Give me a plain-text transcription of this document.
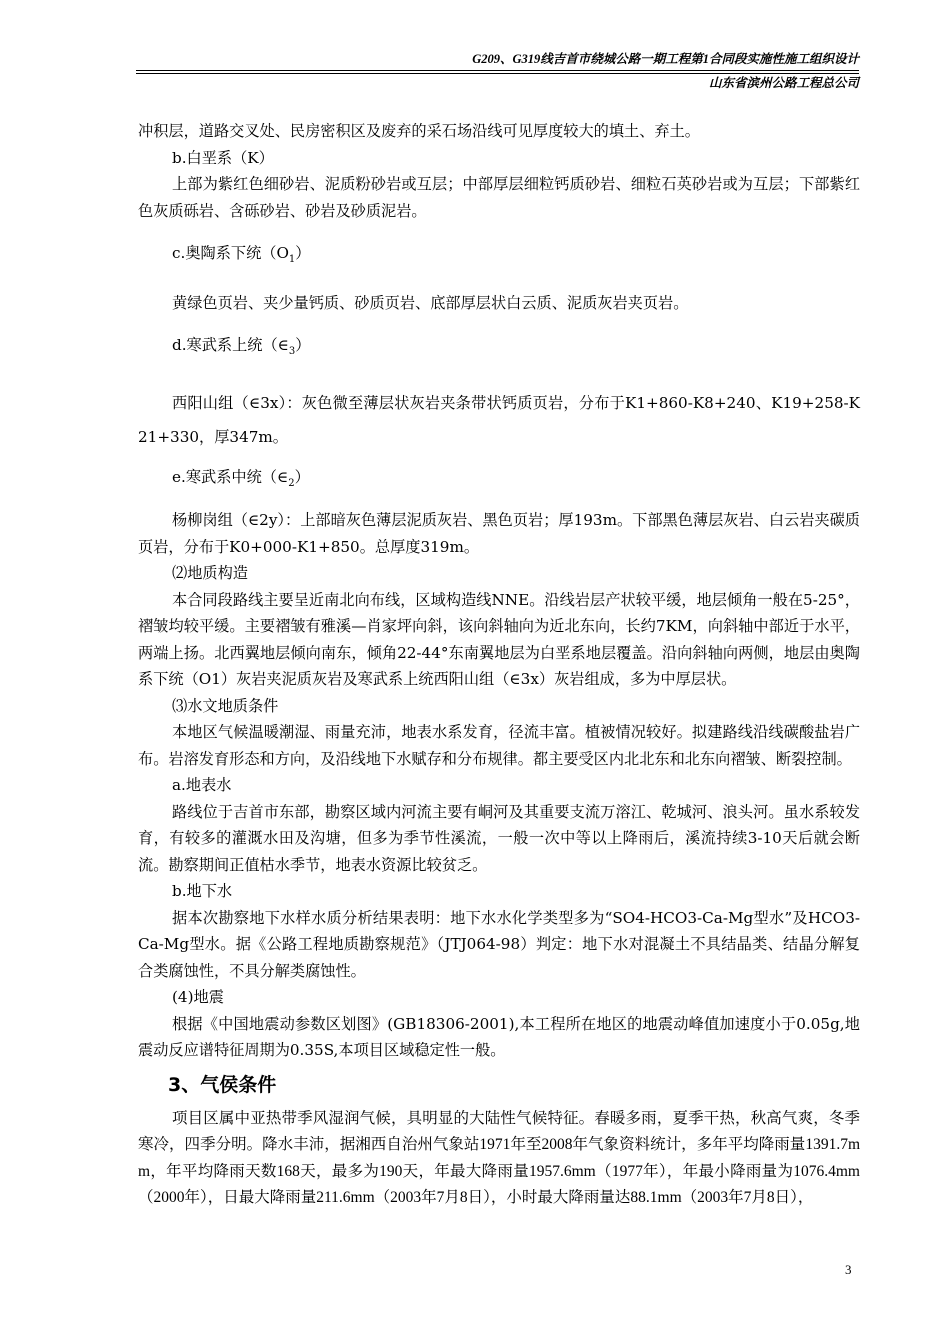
G209、G319线吉首市绕城公路一期工程第1合同段实施性施工组织设计
山东省滨州公路工程总公司

冲积层，道路交叉处、民房密积区及废弃的采石场沿线可见厚度较大的填土、弃土。

b.白垩系（K）

上部为紫红色细砂岩、泥质粉砂岩或互层；中部厚层细粒钙质砂岩、细粒石英砂岩或为互层；下部紫红色灰质砾岩、含砾砂岩、砂岩及砂质泥岩。

c.奥陶系下统$(O_1)$

黄绿色页岩、夹少量钙质、砂质页岩、底部厚层状白云质、泥质灰岩夹页岩。

d.寒武系上统$(\in_3)$

西阳山组（∈3x）：灰色微至薄层状灰岩夹条带状钙质页岩，分布于K1+860-K8+240、K19+258-K21+330，厚347m。

e.寒武系中统$(\in_2)$

杨柳岗组（∈2y）：上部暗灰色薄层泥质灰岩、黑色页岩；厚193m。下部黑色薄层灰岩、白云岩夹碳质页岩，分布于K0+000-K1+850。总厚度319m。

⑵地质构造

本合同段路线主要呈近南北向布线，区域构造线NNE。沿线岩层产状较平缓，地层倾角一般在5-25°，褶皱均较平缓。主要褶皱有雅溪—肖家坪向斜，该向斜轴向为近北东向，长约7KM，向斜轴中部近于水平，两端上扬。北西翼地层倾向南东，倾角22-44°东南翼地层为白垩系地层覆盖。沿向斜轴向两侧，地层由奥陶系下统（O1）灰岩夹泥质灰岩及寒武系上统西阳山组（∈3x）灰岩组成，多为中厚层状。

⑶水文地质条件

本地区气候温暖潮湿、雨量充沛，地表水系发育，径流丰富。植被情况较好。拟建路线沿线碳酸盐岩广布。岩溶发育形态和方向，及沿线地下水赋存和分布规律。都主要受区内北北东和北东向褶皱、断裂控制。

a.地表水

路线位于吉首市东部，勘察区域内河流主要有峒河及其重要支流万溶江、乾城河、浪头河。虽水系较发育，有较多的灌溉水田及沟塘，但多为季节性溪流，一般一次中等以上降雨后，溪流持续3-10天后就会断流。勘察期间正值枯水季节，地表水资源比较贫乏。

b.地下水

据本次勘察地下水样水质分析结果表明：地下水水化学类型多为“SO4-HCO3-Ca-Mg型水”及HCO3-Ca-Mg型水。据《公路工程地质勘察规范》（JTJ064-98）判定：地下水对混凝土不具结晶类、结晶分解复合类腐蚀性，不具分解类腐蚀性。

(4)地震

根据《中国地震动参数区划图》(GB18306-2001),本工程所在地区的地震动峰值加速度小于0.05g,地震动反应谱特征周期为0.35S,本项目区域稳定性一般。

3、气侯条件

项目区属中亚热带季风湿润气候，具明显的大陆性气候特征。春暖多雨，夏季干热，秋高气爽，冬季寒冷，四季分明。降水丰沛，据湘西自治州气象站1971年至2008年气象资料统计，多年平均降雨量1391.7mm，年平均降雨天数168天，最多为190天，年最大降雨量1957.6mm（1977年），年最小降雨量为1076.4mm（2000年），日最大降雨量211.6mm（2003年7月8日），小时最大降雨量达88.1mm（2003年7月8日），

3
